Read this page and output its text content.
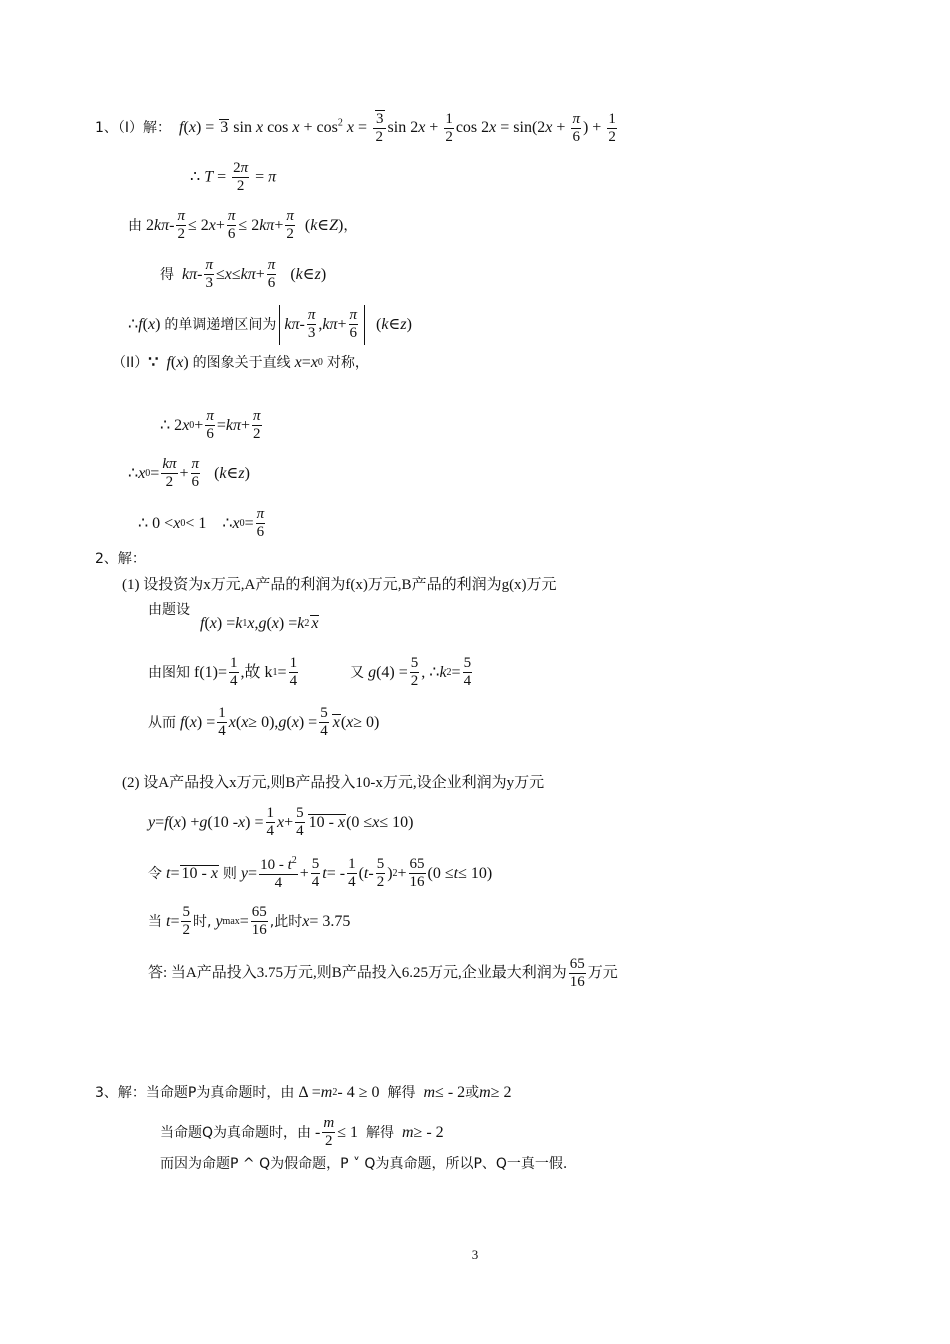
1、（I）解： f(x) = 3 sin x $\cos x + \cos^2 x = \frac{3}{2}$ $\sin 2x + \frac{1}{2}$ $\cos 2x = \sin(2x + \frac{\pi}{6}$ ) + $\frac{1}{2}$
∴ $T = \frac{2\pi}{2} = \pi$
由 2 kπ -
π
2
≤ 2 x +
π
6
≤ 2 kπ +
π
2
( k ∈ Z ) ，
得
kπ -
π
3
≤ x ≤ kπ +
π
6
( k ∈ z )
∴ f ( x ) 的单调递增区间为 kπ -
π
3
, kπ +
π
6
( k ∈ z )
（II） ∵
f ( x ) 的图象关于直线
x = x 0
对称，
∴ 2 x 0 +
π
6
= kπ +
π
2
∴ x 0 =
kπ
2
+
π
6
( k ∈ z )
∴ 0 < x 0 < 1    ∴ x 0 =
π
6
2、解：
(1) 设投资为x万元,A产品的利润为f(x)万元,B产品的利润为g(x)万元
由题设
f ( x ) = k 1 x , g ( x ) = k 2 x
由图知 f(1)=
1
4
,故 k 1 =
1
4
又
g (4) =
5
2
, ∴ k 2 =
5
4
从而
f ( x ) =
1
4
x ( x ≥ 0), g ( x ) =
5
4 x ( x ≥ 0)
(2) 设A产品投入x万元,则B产品投入10-x万元,设企业利润为y万元
y = f ( x ) + g (10 - x ) =
1
4
x +
5
4 10 - x (0 ≤ x ≤ 10)
令
t = 10 - x
则
$y = 10 - t^2$
4
+
5
4
t = -
1
4
( t -
5
2
) 2 +
65
16
(0 ≤ t ≤ 10)
当
t =
5
2
时,
y max =
65
16
,此时 x = 3.75
答: 当A产品投入3.75万元,则B产品投入6.25万元,企业最大利润为
65
16
万元
3、解：当命题P为真命题时，由 Δ = m 2 - 4 ≥ 0 解得
m ≤ - 2 或 m ≥ 2
当命题Q为真命题时，由 -
m
2
≤ 1 解得
m ≥ - 2
而因为命题P ^ Q为假命题，P ˅ Q为真命题，所以P、Q一真一假.
3
